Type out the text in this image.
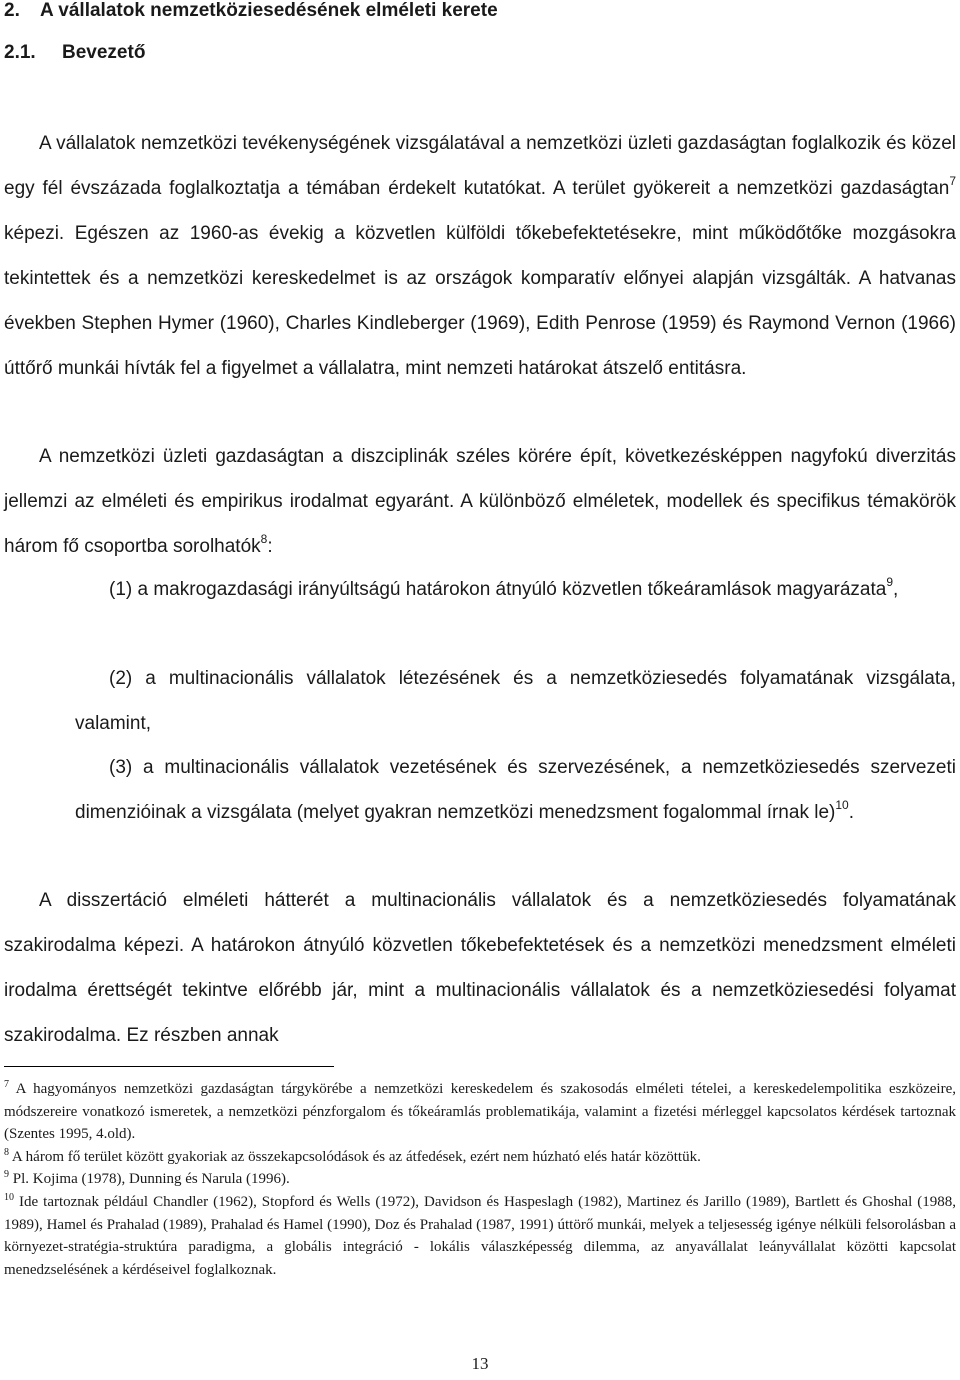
2. A vállalatok nemzetköziesedésének elméleti kerete
2.1. Bevezető

A vállalatok nemzetközi tevékenységének vizsgálatával a nemzetközi üzleti gazdaságtan foglalkozik és közel egy fél évszázada foglalkoztatja a témában érdekelt kutatókat. A terület gyökereit a nemzetközi gazdaságtan$^7$ képezi. Egészen az 1960-as évekig a közvetlen külföldi tőkebefektetésekre, mint működőtőke mozgásokra tekintettek és a nemzetközi kereskedelmet is az országok komparatív előnyei alapján vizsgálták. A hatvanas években Stephen Hymer (1960), Charles Kindleberger (1969), Edith Penrose (1959) és Raymond Vernon (1966) úttőrő munkái hívták fel a figyelmet a vállalatra, mint nemzeti határokat átszelő entitásra.

A nemzetközi üzleti gazdaságtan a diszciplinák széles körére épít, következésképpen nagyfokú diverzitás jellemzi az elméleti és empirikus irodalmat egyaránt. A különböző elméletek, modellek és specifikus témakörök három fő csoportba sorolhatók$^8$:

(1) a makrogazdasági irányúltságú határokon átnyúló közvetlen tőkeáramlások magyarázata$^9$,

(2) a multinacionális vállalatok létezésének és a nemzetköziesedés folyamatának vizsgálata, valamint,

(3) a multinacionális vállalatok vezetésének és szervezésének, a nemzetköziesedés szervezeti dimenzióinak a vizsgálata (melyet gyakran nemzetközi menedzsment fogalommal írnak le)$^{10}$.

A disszertáció elméleti hátterét a multinacionális vállalatok és a nemzetköziesedés folyamatának szakirodalma képezi. A határokon átnyúló közvetlen tőkebefektetések és a nemzetközi menedzsment elméleti irodalma érettségét tekintve előrébb jár, mint a multinacionális vállalatok és a nemzetköziesedési folyamat szakirodalma. Ez részben annak

$^7$ A hagyományos nemzetközi gazdaságtan tárgykörébe a nemzetközi kereskedelem és szakosodás elméleti tételei, a kereskedelempolitika eszközeire, módszereire vonatkozó ismeretek, a nemzetközi pénzforgalom és tőkeáramlás problematikája, valamint a fizetési mérleggel kapcsolatos kérdések tartoznak (Szentes 1995, 4.old).

$^8$ A három fő terület között gyakoriak az összekapcsolódások és az átfedések, ezért nem húzható elés határ közöttük.

$^9$ Pl. Kojima (1978), Dunning és Narula (1996).

$^{10}$ Ide tartoznak például Chandler (1962), Stopford és Wells (1972), Davidson és Haspeslagh (1982), Martinez és Jarillo (1989), Bartlett és Ghoshal (1988, 1989), Hamel és Prahalad (1989), Prahalad és Hamel (1990), Doz és Prahalad (1987, 1991) úttörő munkái, melyek a teljesesség igénye nélküli felsorolásban a környezet-stratégia-struktúra paradigma, a globális integráció - lokális válaszképesség dilemma, az anyavállalat leányvállalat közötti kapcsolat menedzselésének a kérdéseivel foglalkoznak.

13
